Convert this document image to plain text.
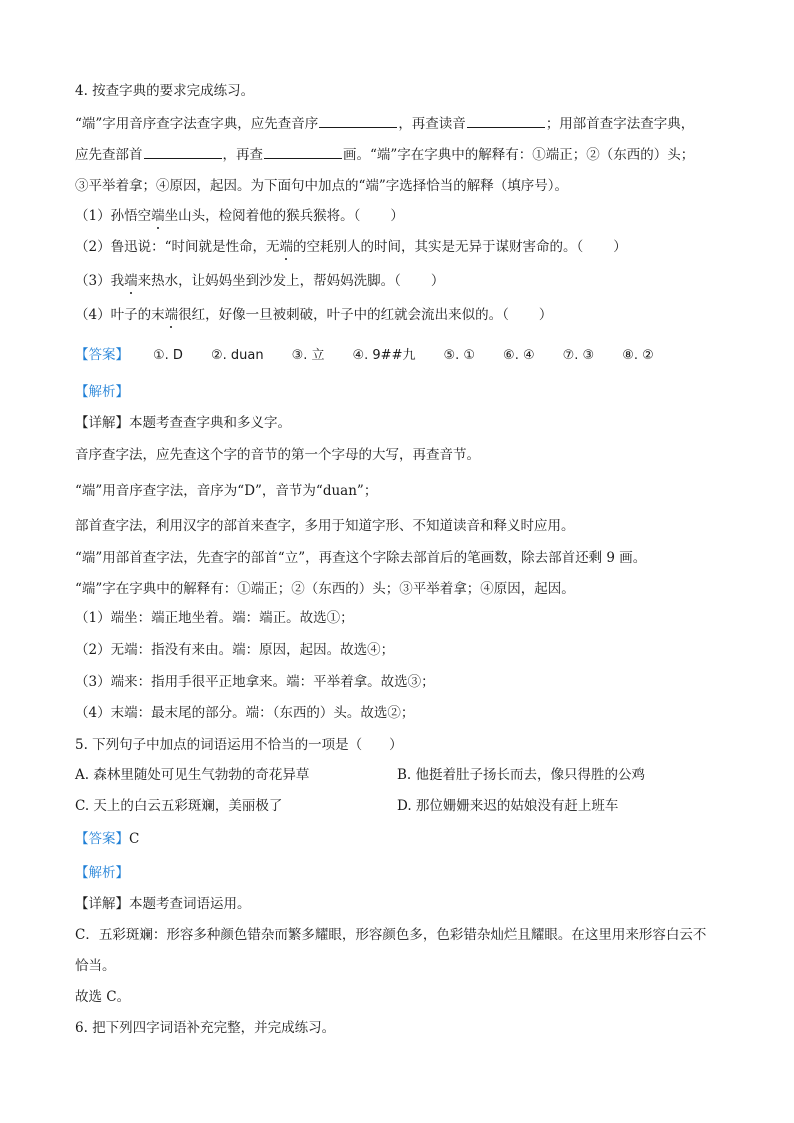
4. 按查字典的要求完成练习。
“端”字用音序查字法查字典，应先查音序	，再查读音	；用部首查字法查字典，
应先查部首	，再查	画。“端”字在字典中的解释有：①端正；②（东西的）头；
③平举着拿；④原因，起因。为下面句中加点的“端”字选择恰当的解释（填序号）。
（1）孙悟空端坐山头，检阅着他的猴兵猴将。（ ）
（2）鲁迅说：“时间就是性命，无端的空耗别人的时间，其实是无异于谋财害命的。（ ）
（3）我端来热水，让妈妈坐到沙发上，帮妈妈洗脚。（ ）
（4）叶子的末端很红，好像一旦被刺破，叶子中的红就会流出来似的。（ ）
【答案】 ①. D ②. duan ③. 立 ④. 9##九 ⑤. ① ⑥. ④ ⑦. ③ ⑧. ②
【解析】
【详解】本题考查查字典和多义字。
音序查字法，应先查这个字的音节的第一个字母的大写，再查音节。
“端”用音序查字法，音序为“D”，音节为“duan”；
部首查字法，利用汉字的部首来查字，多用于知道字形、不知道读音和释义时应用。
“端”用部首查字法，先查字的部首“立”，再查这个字除去部首后的笔画数，除去部首还剩 9 画。
“端”字在字典中的解释有：①端正；②（东西的）头；③平举着拿；④原因，起因。
（1）端坐：端正地坐着。端：端正。故选①；
（2）无端：指没有来由。端：原因，起因。故选④；
（3）端来：指用手很平正地拿来。端：平举着拿。故选③；
（4）末端：最末尾的部分。端：（东西的）头。故选②；
5. 下列句子中加点的词语运用不恰当的一项是（　　）
A. 森林里随处可见生气勃勃的奇花异草	B. 他挺着肚子扬长而去，像只得胜的公鸡
C. 天上的白云五彩斑斓，美丽极了	D. 那位姗姗来迟的姑娘没有赶上班车
【答案】C
【解析】
【详解】本题考查词语运用。
C．五彩斑斓：形容多种颜色错杂而繁多耀眼，形容颜色多，色彩错杂灿烂且耀眼。在这里用来形容白云不
恰当。
故选 C。
6. 把下列四字词语补充完整，并完成练习。
